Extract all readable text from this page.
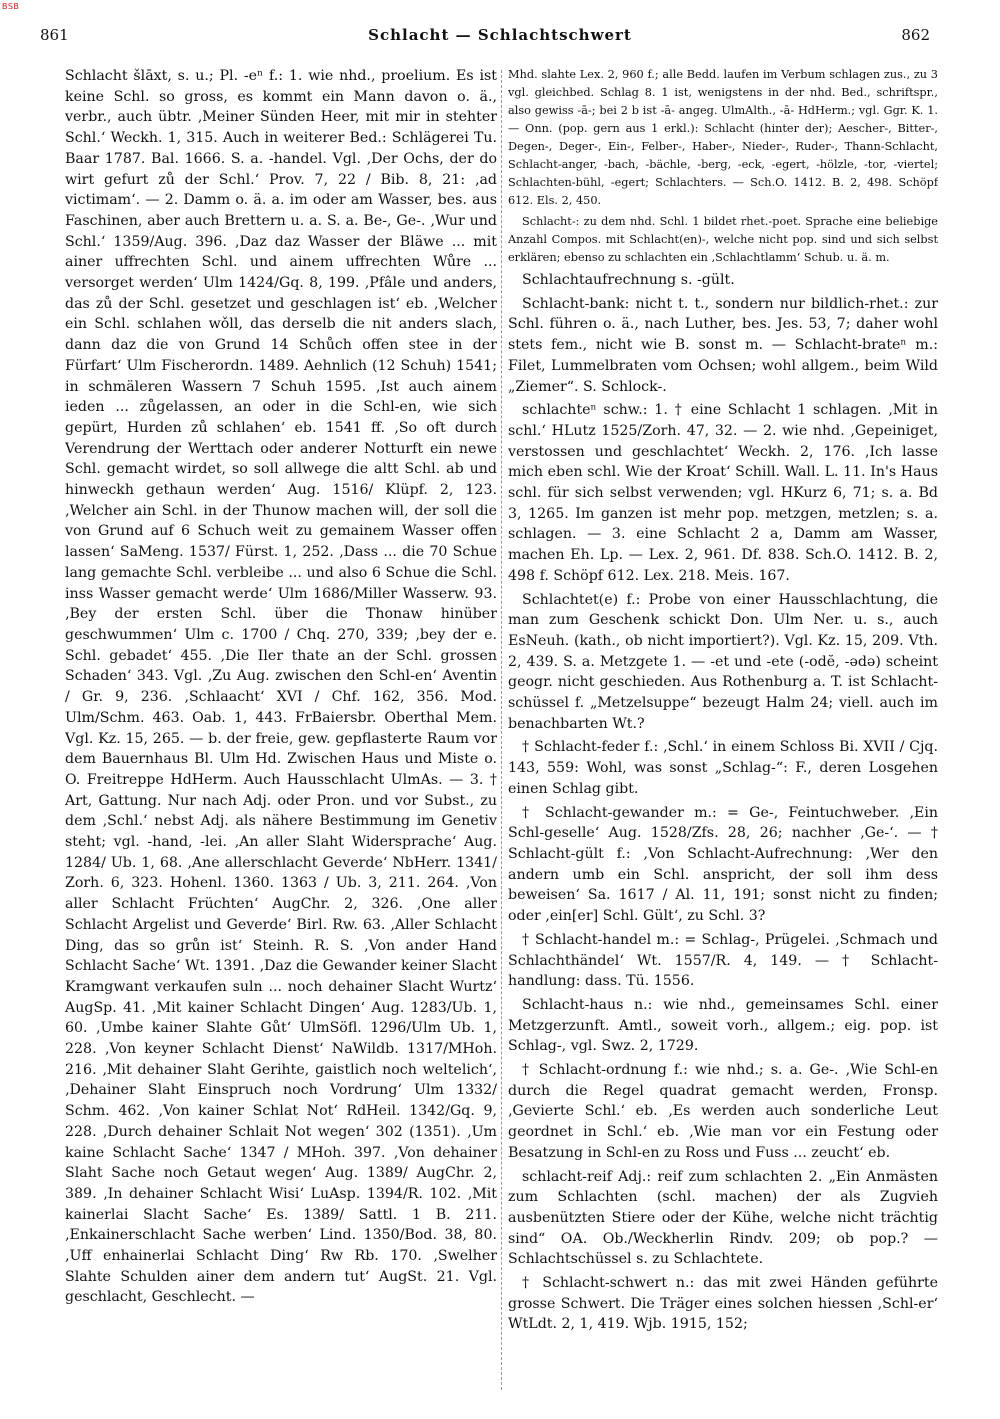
BSB
861	Schlacht — Schlachtschwert	862

Schlacht šlāxt, s. u.; Pl. -eⁿ f.: 1. wie nhd., proelium. Es ist keine Schl. so gross, es kommt ein Mann davon o. ä., verbr., auch übtr. ‚Meiner Sünden Heer, mit mir in stehter Schl.‘ Weckh. 1, 315. Auch in weiterer Bed.: Schlägerei Tu. Baar 1787. Bal. 1666. S. a. -handel. Vgl. ‚Der Ochs, der do wirt gefurt zů der Schl.‘ Prov. 7, 22 / Bib. 8, 21: ‚ad victimam‘. — 2. Damm o. ä. a. im oder am Wasser, bes. aus Faschinen, aber auch Brettern u. a. S. a. Be-, Ge-. ‚Wur und Schl.‘ 1359/Aug. 396. ‚Daz daz Wasser der Bläwe ... mit ainer uffrechten Schl. und ainem uffrechten Wůre ... versorget werden‘ Ulm 1424/Gq. 8, 199. ‚Pfâle und anders, das zů der Schl. gesetzet und geschlagen ist‘ eb. ‚Welcher ein Schl. schlahen wǒll, das derselb die nit anders slach, dann daz die von Grund 14 Schůch offen stee in der Fürfart‘ Ulm Fischerordn. 1489. Aehnlich (12 Schuh) 1541; in schmäleren Wassern 7 Schuh 1595. ‚Ist auch ainem ieden ... zůgelassen, an oder in die Schl-en, wie sich gepürt, Hurden zů schlahen‘ eb. 1541 ff. ‚So oft durch Verendrung der Werttach oder anderer Notturft ein newe Schl. gemacht wirdet, so soll allwege die altt Schl. ab und hinweckh gethaun werden‘ Aug. 1516/ Klüpf. 2, 123. ‚Welcher ain Schl. in der Thunow machen will, der soll die von Grund auf 6 Schuch weit zu gemainem Wasser offen lassen‘ SaMeng. 1537/ Fürst. 1, 252. ‚Dass ... die 70 Schue lang gemachte Schl. verbleibe ... und also 6 Schue die Schl. inss Wasser gemacht werde‘ Ulm 1686/Miller Wasserw. 93. ‚Bey der ersten Schl. über die Thonaw hinüber geschwummen‘ Ulm c. 1700 / Chq. 270, 339; ‚bey der e. Schl. gebadet‘ 455. ‚Die Iler thate an der Schl. grossen Schaden‘ 343. Vgl. ‚Zu Aug. zwischen den Schl-en‘ Aventin / Gr. 9, 236. ‚Schlaacht‘ XVI / Chf. 162, 356. Mod. Ulm/Schm. 463. Oab. 1, 443. FrBaiersbr. Oberthal Mem. Vgl. Kz. 15, 265. — b. der freie, gew. gepflasterte Raum vor dem Bauernhaus Bl. Ulm Hd. Zwischen Haus und Miste o. O. Freitreppe HdHerm. Auch Hausschlacht UlmAs. — 3. † Art, Gattung. Nur nach Adj. oder Pron. und vor Subst., zu dem ‚Schl.‘ nebst Adj. als nähere Bestimmung im Genetiv steht; vgl. -hand, -lei. ‚An aller Slaht Widersprache‘ Aug. 1284/ Ub. 1, 68. ‚Ane allerschlacht Geverde‘ NbHerr. 1341/ Zorh. 6, 323. Hohenl. 1360. 1363 / Ub. 3, 211. 264. ‚Von aller Schlacht Früchten‘ AugChr. 2, 326. ‚One aller Schlacht Argelist und Geverde‘ Birl. Rw. 63. ‚Aller Schlacht Ding, das so grůn ist‘ Steinh. R. S. ‚Von ander Hand Schlacht Sache‘ Wt. 1391. ‚Daz die Gewander keiner Slacht Kramgwant verkaufen suln ... noch dehainer Slacht Wurtz‘ AugSp. 41. ‚Mit kainer Schlacht Dingen‘ Aug. 1283/Ub. 1, 60. ‚Umbe kainer Slahte Gůt‘ UlmSöfl. 1296/Ulm Ub. 1, 228. ‚Von keyner Schlacht Dienst‘ NaWildb. 1317/MHoh. 216. ‚Mit dehainer Slaht Gerihte, gaistlich noch weltelich‘, ‚Dehainer Slaht Einspruch noch Vordrung‘ Ulm 1332/ Schm. 462. ‚Von kainer Schlat Not‘ RdHeil. 1342/Gq. 9, 228. ‚Durch dehainer Schlait Not wegen‘ 302 (1351). ‚Um kaine Schlacht Sache‘ 1347 / MHoh. 397. ‚Von dehainer Slaht Sache noch Getaut wegen‘ Aug. 1389/ AugChr. 2, 389. ‚In dehainer Schlacht Wisi‘ LuAsp. 1394/R. 102. ‚Mit kainerlai Slacht Sache‘ Es. 1389/ Sattl. 1 B. 211. ‚Enkainerschlacht Sache werben‘ Lind. 1350/Bod. 38, 80. ‚Uff enhainerlai Schlacht Ding‘ Rw Rb. 170. ‚Swelher Slahte Schulden ainer dem andern tut‘ AugSt. 21. Vgl. geschlacht, Geschlecht. —

Mhd. slahte Lex. 2, 960 f.; alle Bedd. laufen im Verbum schlagen zus., zu 3 vgl. gleichbed. Schlag 8. 1 ist, wenigstens in der nhd. Bed., schriftspr., also gewiss -ā-; bei 2 b ist -ā- angeg. UlmAlth., -ā- HdHerm.; vgl. Ggr. K. 1. — Onn. (pop. gern aus 1 erkl.): Schlacht (hinter der); Aescher-, Bitter-, Degen-, Deger-, Ein-, Felber-, Haber-, Nieder-, Ruder-, Thann-Schlacht, Schlacht-anger, -bach, -bächle, -berg, -eck, -egert, -hölzle, -tor, -viertel; Schlachten-bühl, -egert; Schlachters. — Sch.O. 1412. B. 2, 498. Schöpf 612. Els. 2, 450.

Schlacht-: zu dem nhd. Schl. 1 bildet rhet.-poet. Sprache eine beliebige Anzahl Compos. mit Schlacht(en)-, welche nicht pop. sind und sich selbst erklären; ebenso zu schlachten ein ‚Schlachtlamm‘ Schub. u. ä. m.

Schlachtaufrechnung s. -gült.

Schlacht-bank: nicht t. t., sondern nur bildlich-rhet.: zur Schl. führen o. ä., nach Luther, bes. Jes. 53, 7; daher wohl stets fem., nicht wie B. sonst m. — Schlacht-brateⁿ m.: Filet, Lummelbraten vom Ochsen; wohl allgem., beim Wild „Ziemer“. S. Schlock-.

schlachteⁿ schw.: 1. † eine Schlacht 1 schlagen. ‚Mit in schl.‘ HLutz 1525/Zorh. 47, 32. — 2. wie nhd. ‚Gepeiniget, verstossen und geschlachtet‘ Weckh. 2, 176. ‚Ich lasse mich eben schl. Wie der Kroat‘ Schill. Wall. L. 11. In's Haus schl. für sich selbst verwenden; vgl. HKurz 6, 71; s. a. Bd 3, 1265. Im ganzen ist mehr pop. metzgen, metzlen; s. a. schlagen. — 3. eine Schlacht 2 a, Damm am Wasser, machen Eh. Lp. — Lex. 2, 961. Df. 838. Sch.O. 1412. B. 2, 498 f. Schöpf 612. Lex. 218. Meis. 167.

Schlachtet(e) f.: Probe von einer Hausschlachtung, die man zum Geschenk schickt Don. Ulm Ner. u. s., auch EsNeuh. (kath., ob nicht importiert?). Vgl. Kz. 15, 209. Vth. 2, 439. S. a. Metzgete 1. — -et und -ete (-odĕ, -ədə) scheint geogr. nicht geschieden. Aus Rothenburg a. T. ist Schlacht-schüssel f. „Metzelsuppe“ bezeugt Halm 24; viell. auch im benachbarten Wt.?

† Schlacht-feder f.: ‚Schl.‘ in einem Schloss Bi. XVII / Cjq. 143, 559: Wohl, was sonst „Schlag-“: F., deren Losgehen einen Schlag gibt.

† Schlacht-gewander m.: = Ge-, Feintuchweber. ‚Ein Schl-geselle‘ Aug. 1528/Zfs. 28, 26; nachher ‚Ge-‘. — † Schlacht-gült f.: ‚Von Schlacht-Aufrechnung: ‚Wer den andern umb ein Schl. anspricht, der soll ihm dess beweisen‘ Sa. 1617 / Al. 11, 191; sonst nicht zu finden; oder ‚ein[er] Schl. Gült‘, zu Schl. 3?

† Schlacht-handel m.: = Schlag-, Prügelei. ‚Schmach und Schlachthändel‘ Wt. 1557/R. 4, 149. — † Schlacht-handlung: dass. Tü. 1556.

Schlacht-haus n.: wie nhd., gemeinsames Schl. einer Metzgerzunft. Amtl., soweit vorh., allgem.; eig. pop. ist Schlag-, vgl. Swz. 2, 1729.

† Schlacht-ordnung f.: wie nhd.; s. a. Ge-. ‚Wie Schl-en durch die Regel quadrat gemacht werden, Fronsp. ‚Gevierte Schl.‘ eb. ‚Es werden auch sonderliche Leut geordnet in Schl.‘ eb. ‚Wie man vor ein Festung oder Besatzung in Schl-en zu Ross und Fuss ... zeucht‘ eb.

schlacht-reif Adj.: reif zum schlachten 2. „Ein Anmästen zum Schlachten (schl. machen) der als Zugvieh ausbenützten Stiere oder der Kühe, welche nicht trächtig sind“ OA. Ob./Weckherlin Rindv. 209; ob pop.? — Schlachtschüssel s. zu Schlachtete.

† Schlacht-schwert n.: das mit zwei Händen geführte grosse Schwert. Die Träger eines solchen hiessen ‚Schl-er‘ WtLdt. 2, 1, 419. Wjb. 1915, 152;
